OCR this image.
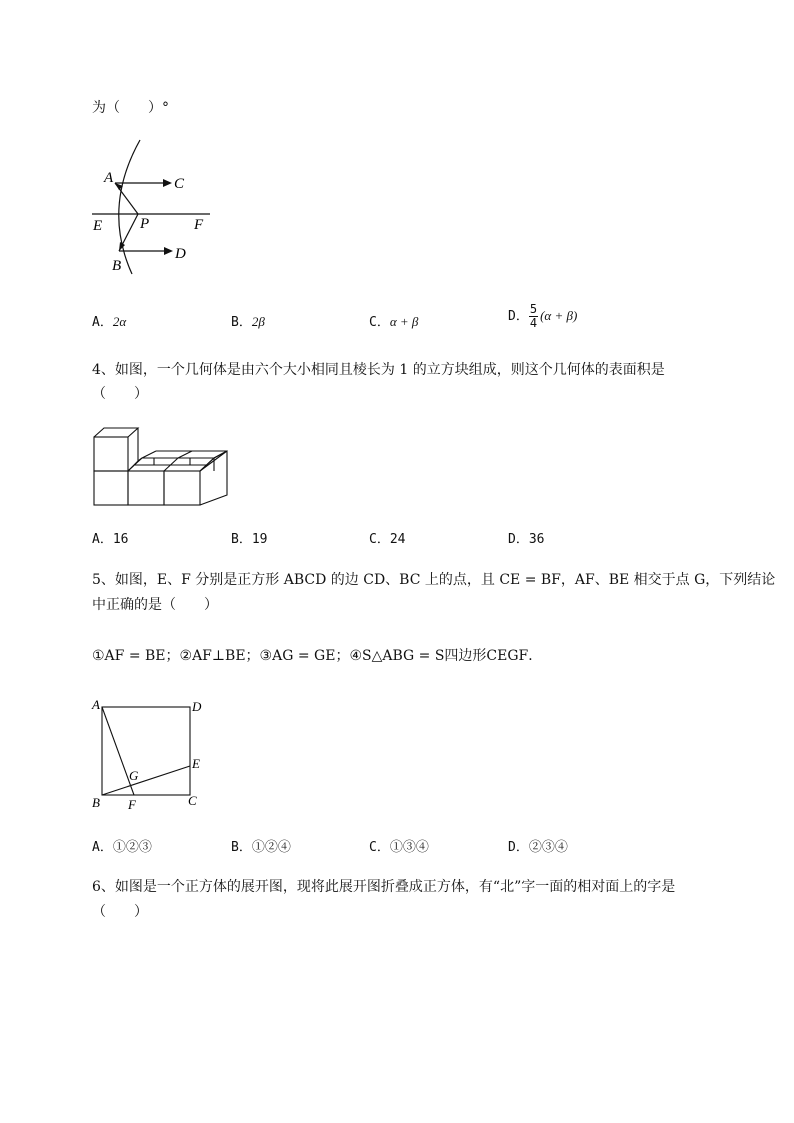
为（　　）°
A	C
E	P	F
B
D
A．2α	B．2β	C．α + β	D． $\frac{5}{4} (\alpha + \beta)$
4、如图，一个几何体是由六个大小相同且棱长为 1 的立方块组成，则这个几何体的表面积是
（　　）
A．16	B．19	C．24	D．36
5、如图，E、F 分别是正方形 ABCD 的边 CD、BC 上的点，且 CE = BF，AF、BE 相交于点 G，下列结论
中正确的是（　　）
①AF = BE；②AF⊥BE；③AG = GE；④S△ABG = S四边形CEGF．
A	D
E
G
B F	C
A．①②③	B．①②④	C．①③④	D．②③④
6、如图是一个正方体的展开图，现将此展开图折叠成正方体，有“北”字一面的相对面上的字是
（　　）
